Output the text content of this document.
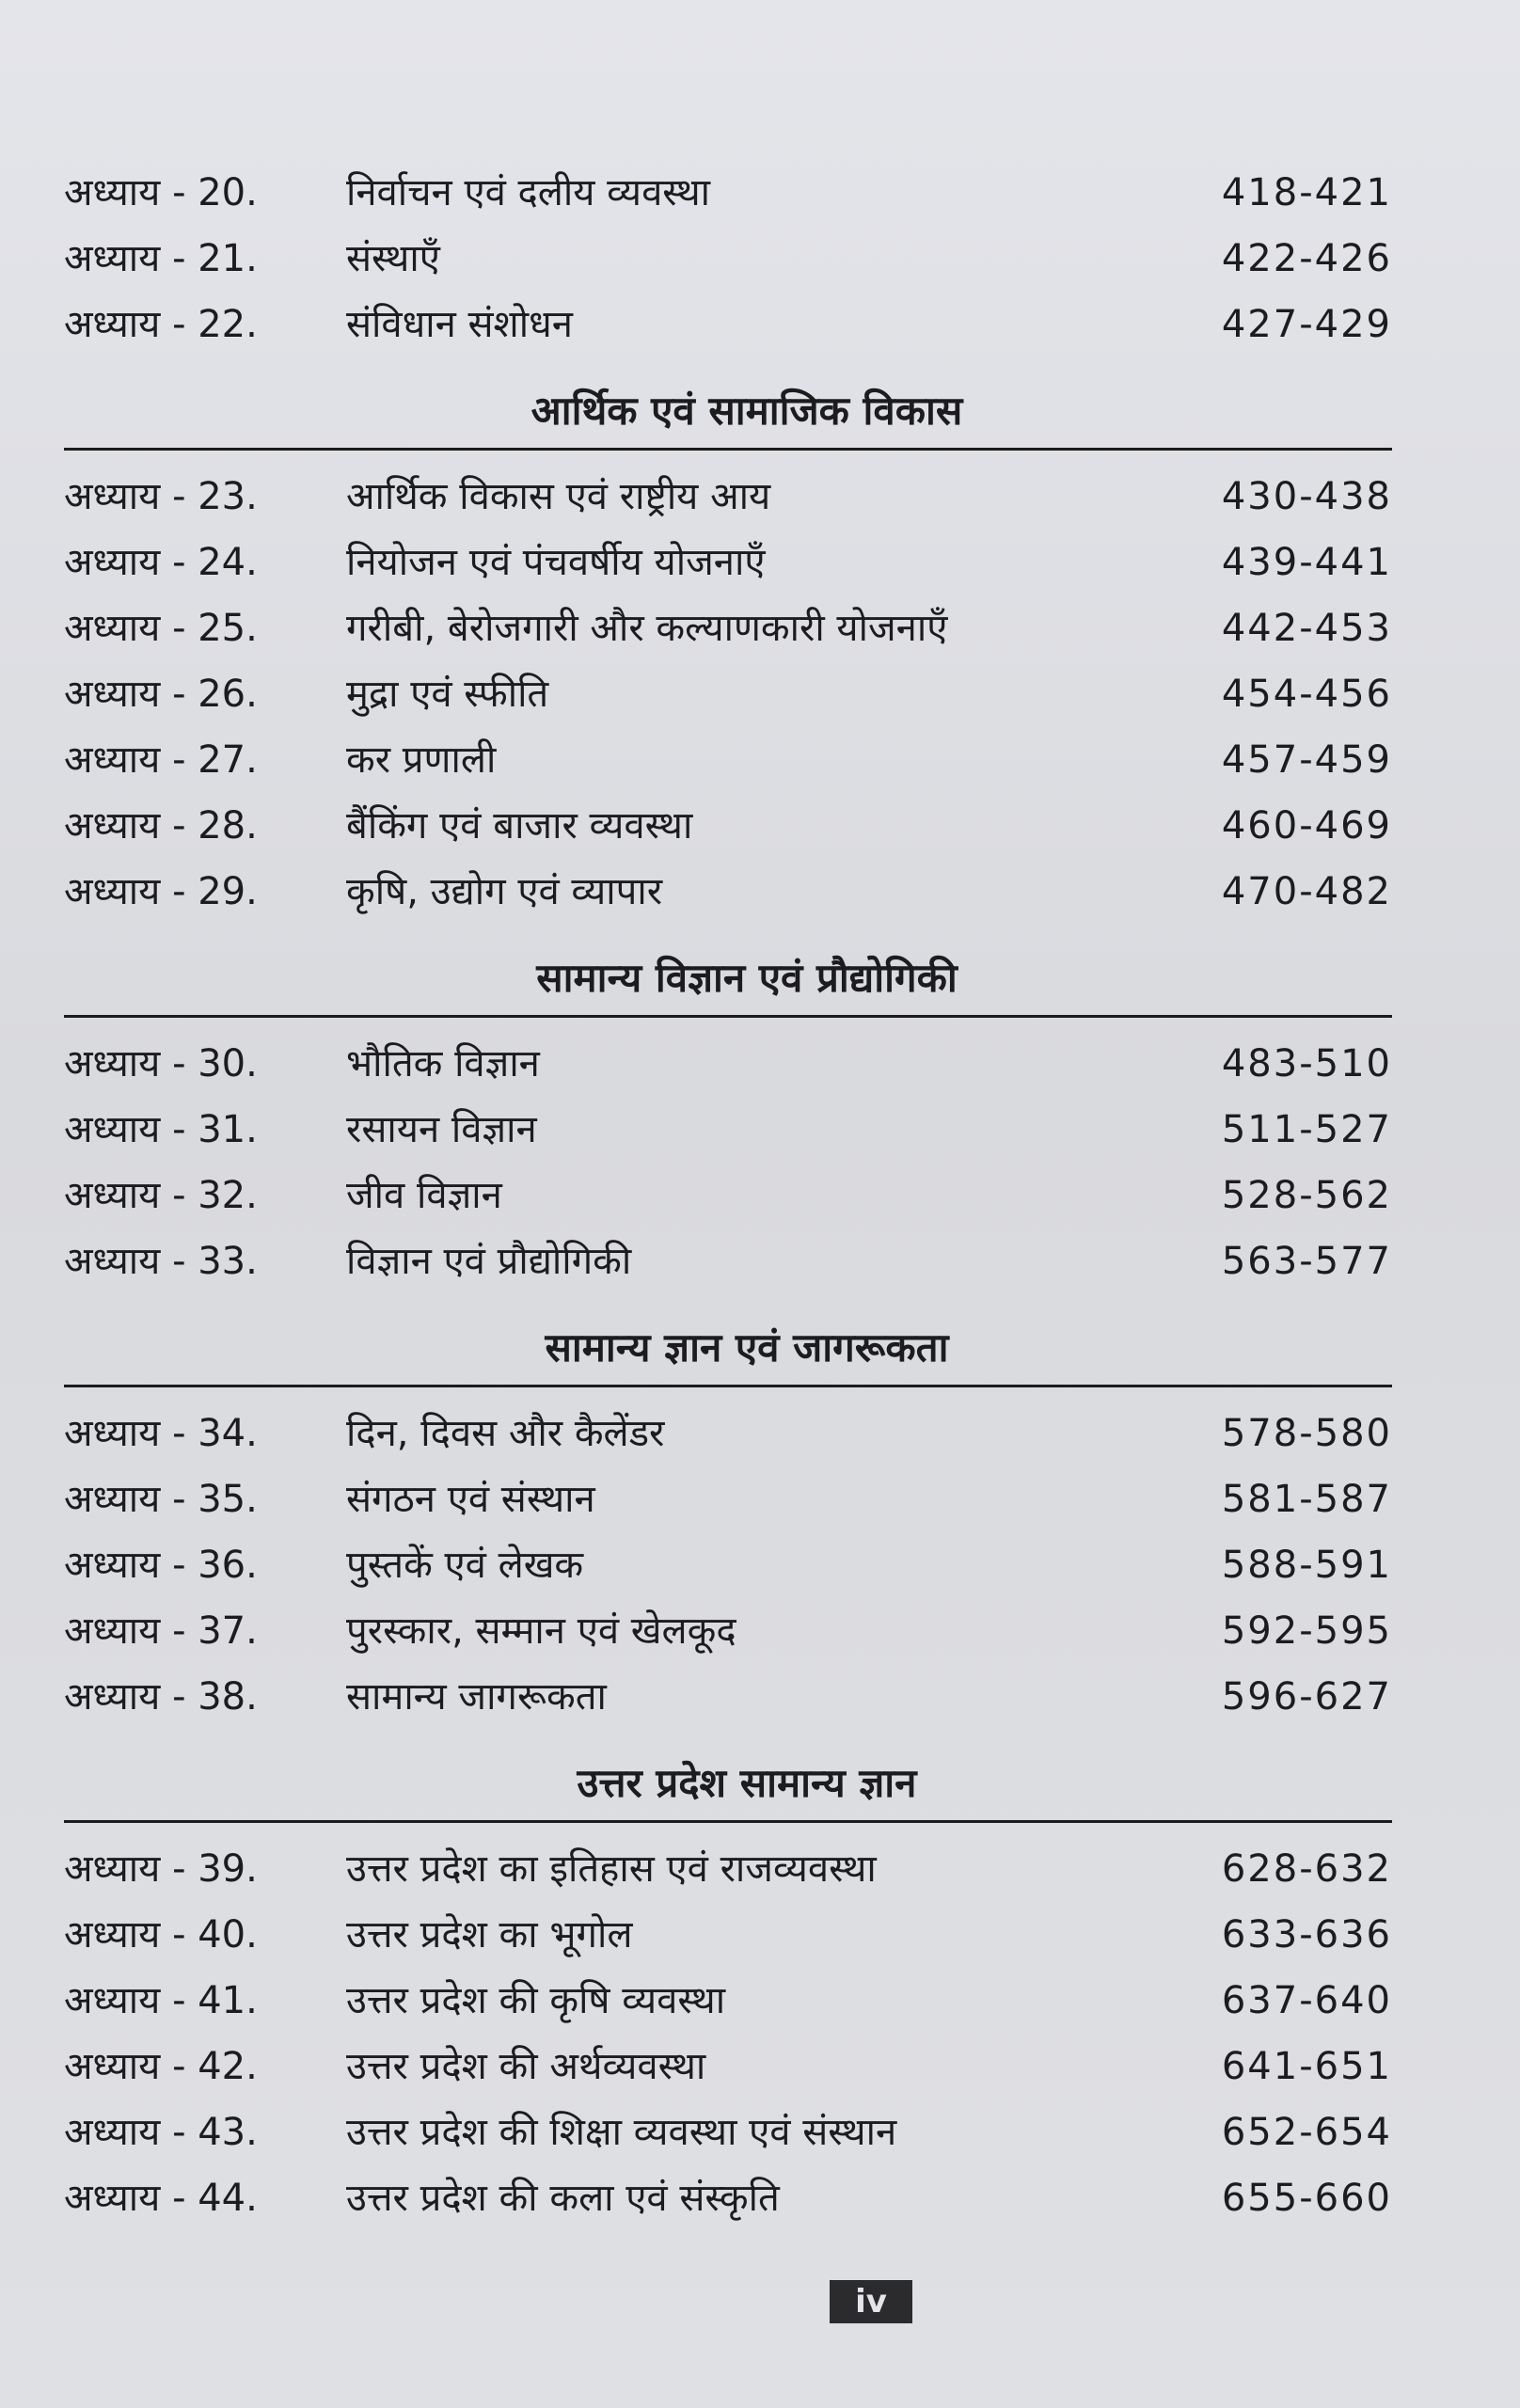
अध्याय - 20.	निर्वाचन एवं दलीय व्यवस्था	418-421
अध्याय - 21.	संस्थाएँ	422-426
अध्याय - 22.	संविधान संशोधन	427-429
आर्थिक एवं सामाजिक विकास
अध्याय - 23.	आर्थिक विकास एवं राष्ट्रीय आय	430-438
अध्याय - 24.	नियोजन एवं पंचवर्षीय योजनाएँ	439-441
अध्याय - 25.	गरीबी, बेरोजगारी और कल्याणकारी योजनाएँ	442-453
अध्याय - 26.	मुद्रा एवं स्फीति	454-456
अध्याय - 27.	कर प्रणाली	457-459
अध्याय - 28.	बैंकिंग एवं बाजार व्यवस्था	460-469
अध्याय - 29.	कृषि, उद्योग एवं व्यापार	470-482
सामान्य विज्ञान एवं प्रौद्योगिकी
अध्याय - 30.	भौतिक विज्ञान	483-510
अध्याय - 31.	रसायन विज्ञान	511-527
अध्याय - 32.	जीव विज्ञान	528-562
अध्याय - 33.	विज्ञान एवं प्रौद्योगिकी	563-577
सामान्य ज्ञान एवं जागरूकता
अध्याय - 34.	दिन, दिवस और कैलेंडर	578-580
अध्याय - 35.	संगठन एवं संस्थान	581-587
अध्याय - 36.	पुस्तकें एवं लेखक	588-591
अध्याय - 37.	पुरस्कार, सम्मान एवं खेलकूद	592-595
अध्याय - 38.	सामान्य जागरूकता	596-627
उत्तर प्रदेश सामान्य ज्ञान
अध्याय - 39.	उत्तर प्रदेश का इतिहास एवं राजव्यवस्था	628-632
अध्याय - 40.	उत्तर प्रदेश का भूगोल	633-636
अध्याय - 41.	उत्तर प्रदेश की कृषि व्यवस्था	637-640
अध्याय - 42.	उत्तर प्रदेश की अर्थव्यवस्था	641-651
अध्याय - 43.	उत्तर प्रदेश की शिक्षा व्यवस्था एवं संस्थान	652-654
अध्याय - 44.	उत्तर प्रदेश की कला एवं संस्कृति	655-660
iv
